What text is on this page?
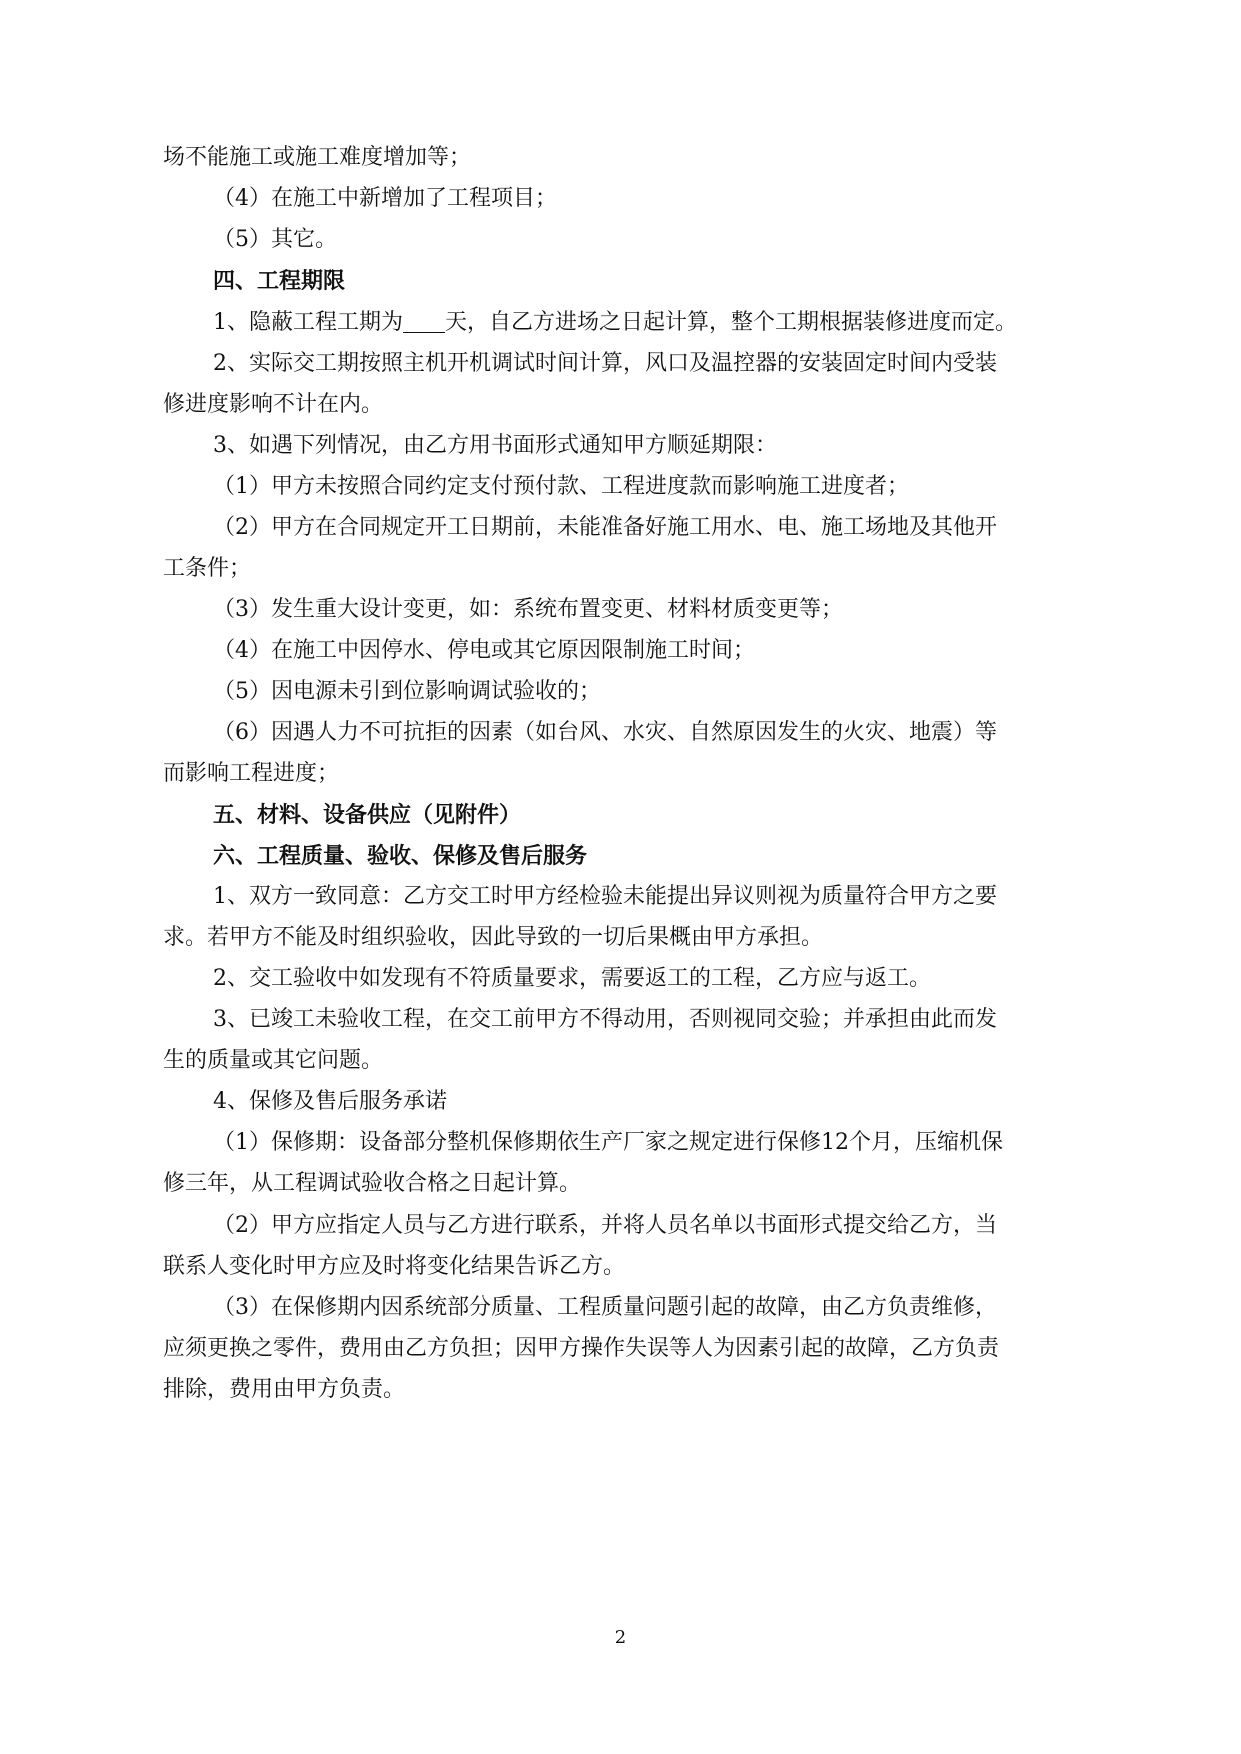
场不能施工或施工难度增加等；
（4）在施工中新增加了工程项目；
（5）其它。
四、工程期限
1、隐蔽工程工期为 天，自乙方进场之日起计算，整个工期根据装修进度而定。
2、实际交工期按照主机开机调试时间计算，风口及温控器的安装固定时间内受装
修进度影响不计在内。
3、如遇下列情况，由乙方用书面形式通知甲方顺延期限：
（1）甲方未按照合同约定支付预付款、工程进度款而影响施工进度者；
（2）甲方在合同规定开工日期前，未能准备好施工用水、电、施工场地及其他开
工条件；
（3）发生重大设计变更，如：系统布置变更、材料材质变更等；
（4）在施工中因停水、停电或其它原因限制施工时间；
（5）因电源未引到位影响调试验收的；
（6）因遇人力不可抗拒的因素（如台风、水灾、自然原因发生的火灾、地震）等
而影响工程进度；
五、材料、设备供应（见附件）
六、工程质量、验收、保修及售后服务
1、双方一致同意：乙方交工时甲方经检验未能提出异议则视为质量符合甲方之要
求。若甲方不能及时组织验收，因此导致的一切后果概由甲方承担。
2、交工验收中如发现有不符质量要求，需要返工的工程，乙方应与返工。
3、已竣工未验收工程，在交工前甲方不得动用，否则视同交验；并承担由此而发
生的质量或其它问题。
4、保修及售后服务承诺
（1）保修期：设备部分整机保修期依生产厂家之规定进行保修12个月，压缩机保
修三年，从工程调试验收合格之日起计算。
（2）甲方应指定人员与乙方进行联系，并将人员名单以书面形式提交给乙方，当
联系人变化时甲方应及时将变化结果告诉乙方。
（3）在保修期内因系统部分质量、工程质量问题引起的故障，由乙方负责维修，
应须更换之零件，费用由乙方负担；因甲方操作失误等人为因素引起的故障，乙方负责
排除，费用由甲方负责。
2
